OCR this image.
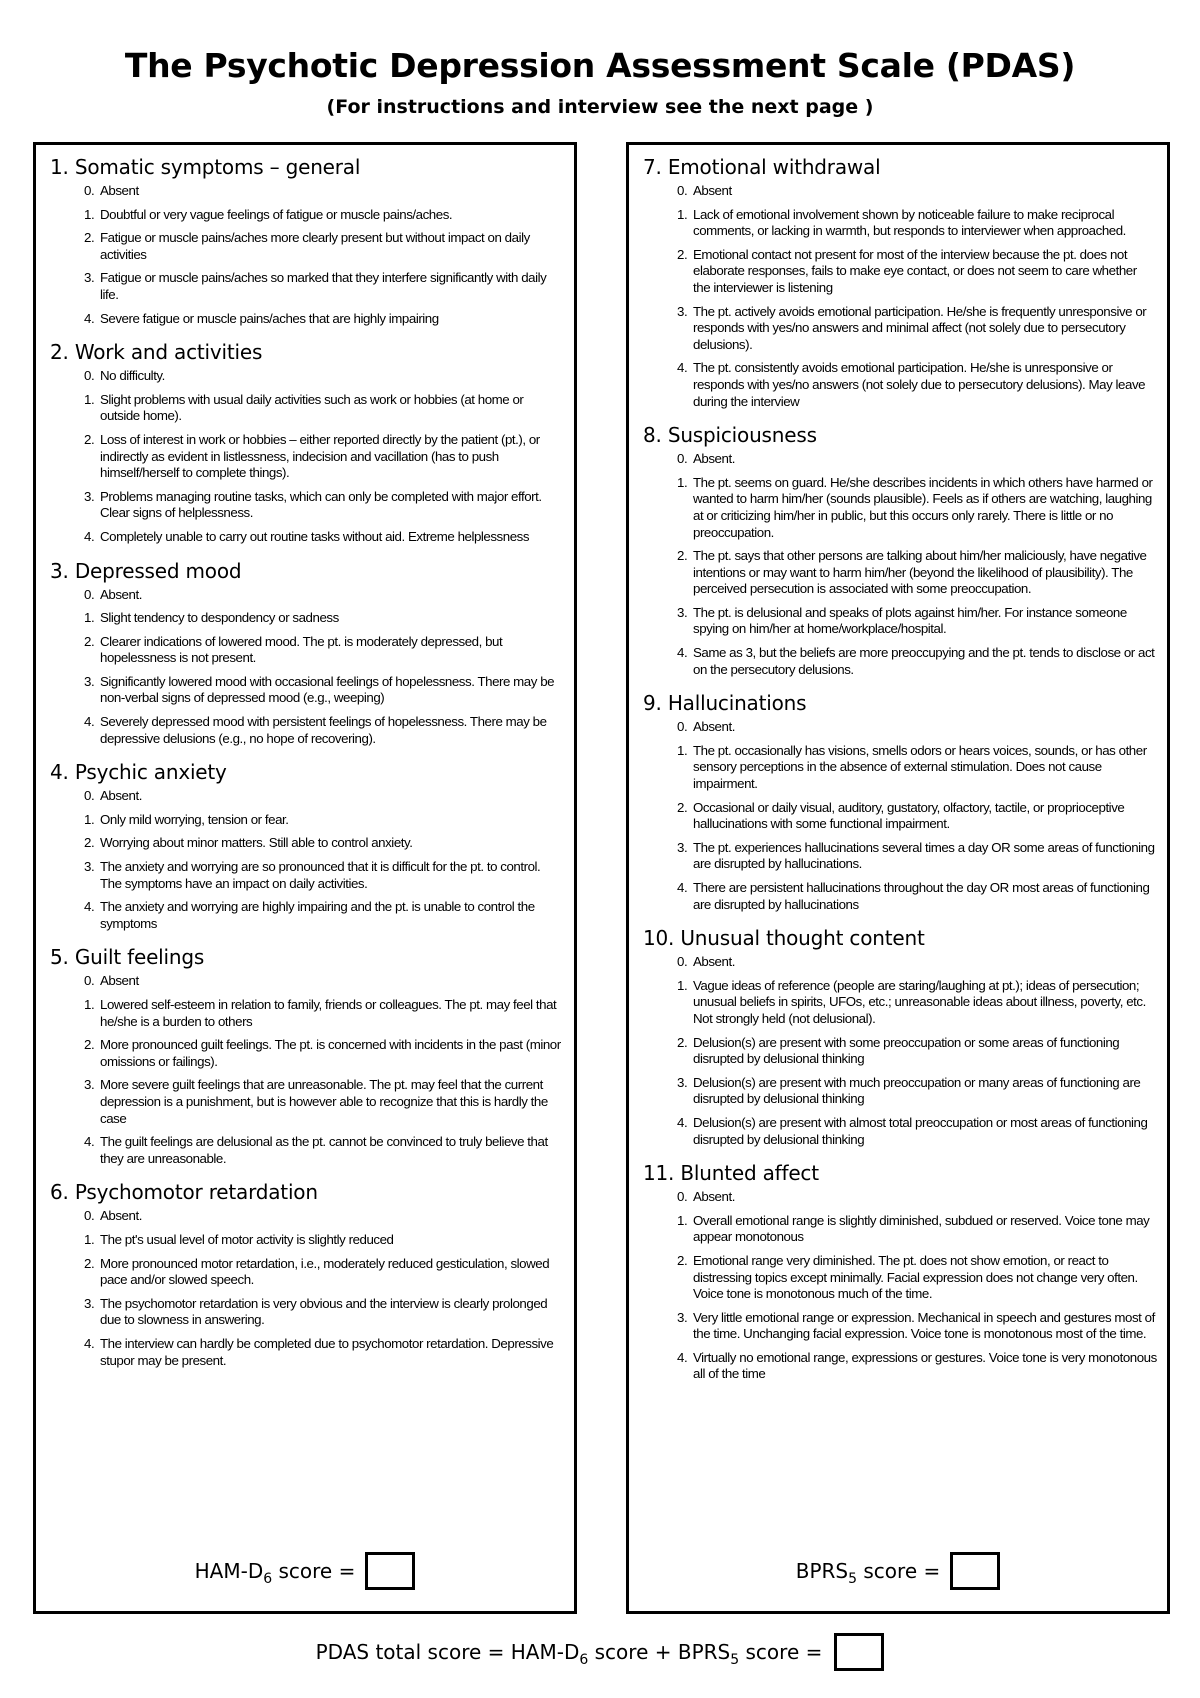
The Psychotic Depression Assessment Scale (PDAS)
(For instructions and interview see the next page )
1. Somatic symptoms – general
0. Absent
1. Doubtful or very vague feelings of fatigue or muscle pains/aches.
2. Fatigue or muscle pains/aches more clearly present but without impact on daily activities
3. Fatigue or muscle pains/aches so marked that they interfere significantly with daily life.
4. Severe fatigue or muscle pains/aches that are highly impairing
2. Work and activities
0. No difficulty.
1. Slight problems with usual daily activities such as work or hobbies (at home or outside home).
2. Loss of interest in work or hobbies – either reported directly by the patient (pt.), or indirectly as evident in listlessness, indecision and vacillation (has to push himself/herself to complete things).
3. Problems managing routine tasks, which can only be completed with major effort. Clear signs of helplessness.
4. Completely unable to carry out routine tasks without aid. Extreme helplessness
3. Depressed mood
0. Absent.
1. Slight tendency to despondency or sadness
2. Clearer indications of lowered mood. The pt. is moderately depressed, but hopelessness is not present.
3. Significantly lowered mood with occasional feelings of hopelessness. There may be non-verbal signs of depressed mood (e.g., weeping)
4. Severely depressed mood with persistent feelings of hopelessness. There may be depressive delusions (e.g., no hope of recovering).
4. Psychic anxiety
0. Absent.
1. Only mild worrying, tension or fear.
2. Worrying about minor matters. Still able to control anxiety.
3. The anxiety and worrying are so pronounced that it is difficult for the pt. to control. The symptoms have an impact on daily activities.
4. The anxiety and worrying are highly impairing and the pt. is unable to control the symptoms
5. Guilt feelings
0. Absent
1. Lowered self-esteem in relation to family, friends or colleagues. The pt. may feel that he/she is a burden to others
2. More pronounced guilt feelings. The pt. is concerned with incidents in the past (minor omissions or failings).
3. More severe guilt feelings that are unreasonable. The pt. may feel that the current depression is a punishment, but is however able to recognize that this is hardly the case
4. The guilt feelings are delusional as the pt. cannot be convinced to truly believe that they are unreasonable.
6. Psychomotor retardation
0. Absent.
1. The pt's usual level of motor activity is slightly reduced
2. More pronounced motor retardation, i.e., moderately reduced gesticulation, slowed pace and/or slowed speech.
3. The psychomotor retardation is very obvious and the interview is clearly prolonged due to slowness in answering.
4. The interview can hardly be completed due to psychomotor retardation. Depressive stupor may be present.
HAM-$D_6$ score =
7. Emotional withdrawal
0. Absent
1. Lack of emotional involvement shown by noticeable failure to make reciprocal comments, or lacking in warmth, but responds to interviewer when approached.
2. Emotional contact not present for most of the interview because the pt. does not elaborate responses, fails to make eye contact, or does not seem to care whether the interviewer is listening
3. The pt. actively avoids emotional participation. He/she is frequently unresponsive or responds with yes/no answers and minimal affect (not solely due to persecutory delusions).
4. The pt. consistently avoids emotional participation. He/she is unresponsive or responds with yes/no answers (not solely due to persecutory delusions). May leave during the interview
8. Suspiciousness
0. Absent.
1. The pt. seems on guard. He/she describes incidents in which others have harmed or wanted to harm him/her (sounds plausible). Feels as if others are watching, laughing at or criticizing him/her in public, but this occurs only rarely. There is little or no preoccupation.
2. The pt. says that other persons are talking about him/her maliciously, have negative intentions or may want to harm him/her (beyond the likelihood of plausibility). The perceived persecution is associated with some preoccupation.
3. The pt. is delusional and speaks of plots against him/her. For instance someone spying on him/her at home/workplace/hospital.
4. Same as 3, but the beliefs are more preoccupying and the pt. tends to disclose or act on the persecutory delusions.
9. Hallucinations
0. Absent.
1. The pt. occasionally has visions, smells odors or hears voices, sounds, or has other sensory perceptions in the absence of external stimulation. Does not cause impairment.
2. Occasional or daily visual, auditory, gustatory, olfactory, tactile, or proprioceptive hallucinations with some functional impairment.
3. The pt. experiences hallucinations several times a day OR some areas of functioning are disrupted by hallucinations.
4. There are persistent hallucinations throughout the day OR most areas of functioning are disrupted by hallucinations
10. Unusual thought content
0. Absent.
1. Vague ideas of reference (people are staring/laughing at pt.); ideas of persecution; unusual beliefs in spirits, UFOs, etc.; unreasonable ideas about illness, poverty, etc. Not strongly held (not delusional).
2. Delusion(s) are present with some preoccupation or some areas of functioning disrupted by delusional thinking
3. Delusion(s) are present with much preoccupation or many areas of functioning are disrupted by delusional thinking
4. Delusion(s) are present with almost total preoccupation or most areas of functioning disrupted by delusional thinking
11. Blunted affect
0. Absent.
1. Overall emotional range is slightly diminished, subdued or reserved. Voice tone may appear monotonous
2. Emotional range very diminished. The pt. does not show emotion, or react to distressing topics except minimally. Facial expression does not change very often. Voice tone is monotonous much of the time.
3. Very little emotional range or expression. Mechanical in speech and gestures most of the time. Unchanging facial expression. Voice tone is monotonous most of the time.
4. Virtually no emotional range, expressions or gestures. Voice tone is very monotonous all of the time
$BPRS_5$ score =
PDAS total score = HAM-$D_6$ score + $BPRS_5$ score =
